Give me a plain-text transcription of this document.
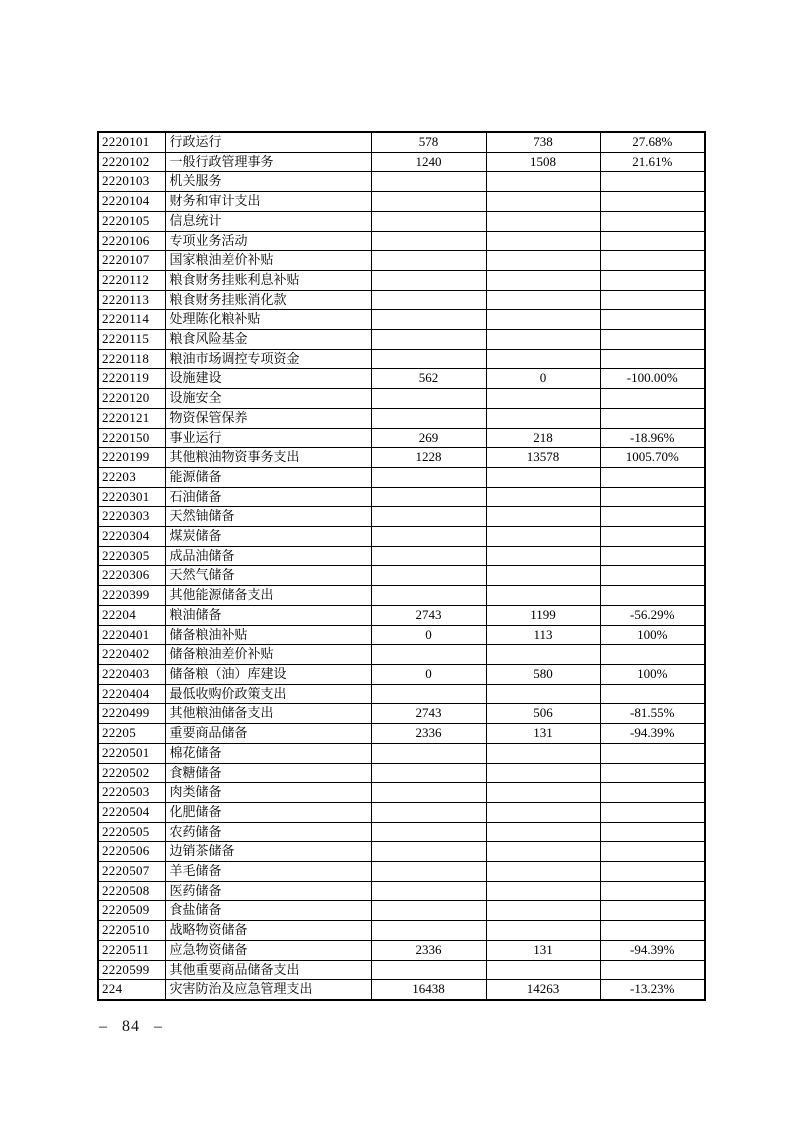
2220101	行政运行	578	738	27.68%
2220102	一般行政管理事务	1240	1508	21.61%
2220103	机关服务			
2220104	财务和审计支出			
2220105	信息统计			
2220106	专项业务活动			
2220107	国家粮油差价补贴			
2220112	粮食财务挂账利息补贴			
2220113	粮食财务挂账消化款			
2220114	处理陈化粮补贴			
2220115	粮食风险基金			
2220118	粮油市场调控专项资金			
2220119	设施建设	562	0	-100.00%
2220120	设施安全			
2220121	物资保管保养			
2220150	事业运行	269	218	-18.96%
2220199	其他粮油物资事务支出	1228	13578	1005.70%
22203	能源储备			
2220301	石油储备			
2220303	天然铀储备			
2220304	煤炭储备			
2220305	成品油储备			
2220306	天然气储备			
2220399	其他能源储备支出			
22204	粮油储备	2743	1199	-56.29%
2220401	储备粮油补贴	0	113	100%
2220402	储备粮油差价补贴			
2220403	储备粮（油）库建设	0	580	100%
2220404	最低收购价政策支出			
2220499	其他粮油储备支出	2743	506	-81.55%
22205	重要商品储备	2336	131	-94.39%
2220501	棉花储备			
2220502	食糖储备			
2220503	肉类储备			
2220504	化肥储备			
2220505	农药储备			
2220506	边销茶储备			
2220507	羊毛储备			
2220508	医药储备			
2220509	食盐储备			
2220510	战略物资储备			
2220511	应急物资储备	2336	131	-94.39%
2220599	其他重要商品储备支出			
224	灾害防治及应急管理支出	16438	14263	-13.23%
– 84 –
